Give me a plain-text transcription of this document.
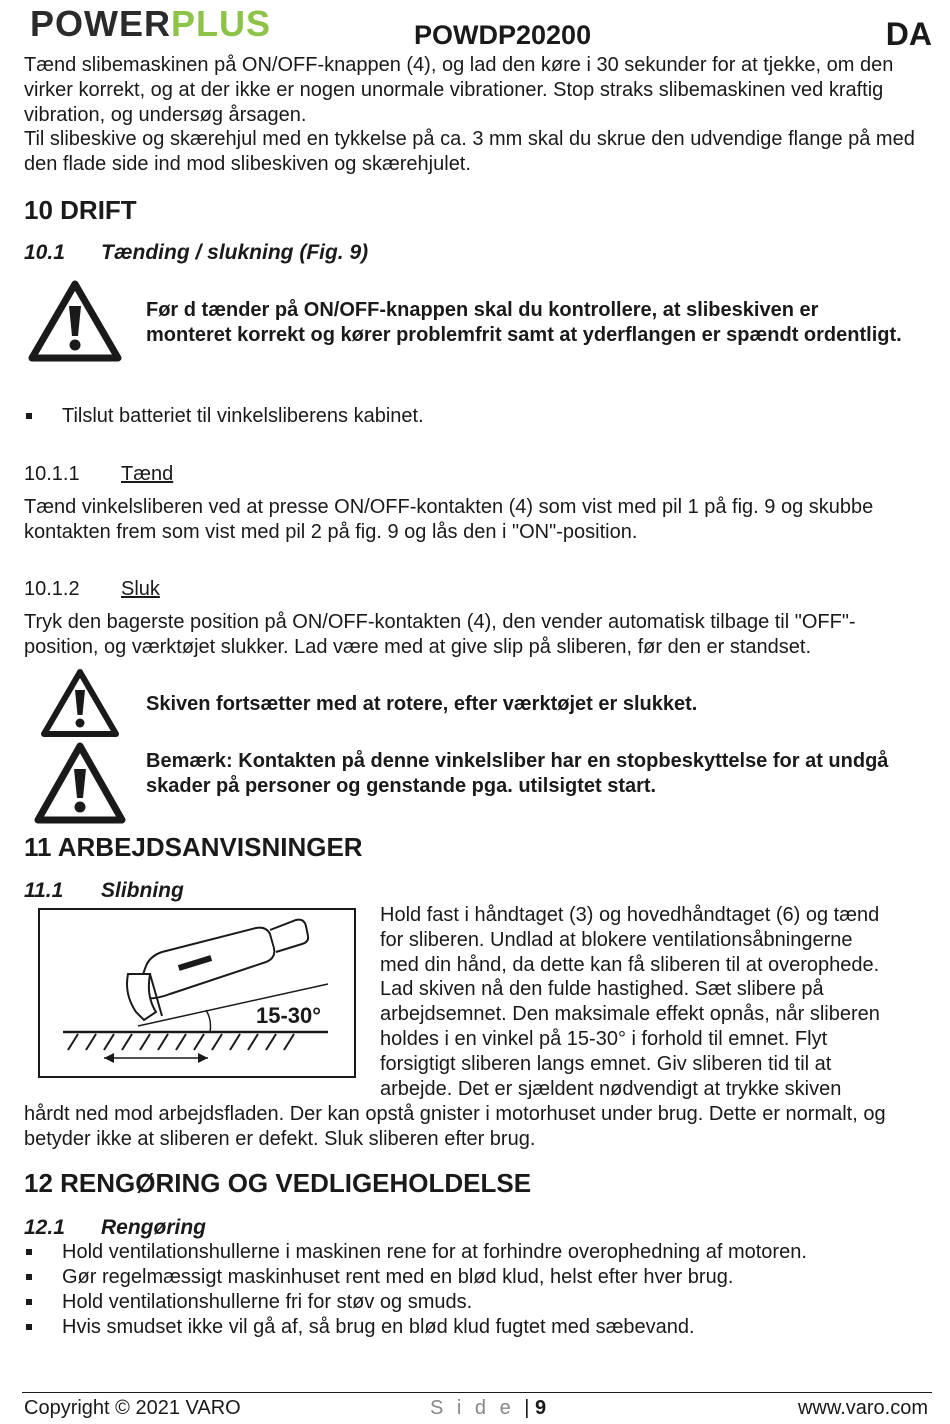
POWERPLUS	POWDP20200	DA

Tænd slibemaskinen på ON/OFF-knappen (4), og lad den køre i 30 sekunder for at tjekke, om den virker korrekt, og at der ikke er nogen unormale vibrationer. Stop straks slibemaskinen ved kraftig vibration, og undersøg årsagen.

Til slibeskive og skærehjul med en tykkelse på ca. 3 mm skal du skrue den udvendige flange på med den flade side ind mod slibeskiven og skærehjulet.

10 DRIFT
10.1 Tænding / slukning (Fig. 9)

Før d tænder på ON/OFF-knappen skal du kontrollere, at slibeskiven er monteret korrekt og kører problemfrit samt at yderflangen er spændt ordentligt.

Tilslut batteriet til vinkelsliberens kabinet.
10.1.1 Tænd

Tænd vinkelsliberen ved at presse ON/OFF-kontakten (4) som vist med pil 1 på fig. 9 og skubbe kontakten frem som vist med pil 2 på fig. 9 og lås den i "ON"-position.

10.1.2 Sluk

Tryk den bagerste position på ON/OFF-kontakten (4), den vender automatisk tilbage til "OFF"-position, og værktøjet slukker. Lad være med at give slip på sliberen, før den er standset.

Skiven fortsætter med at rotere, efter værktøjet er slukket.

Bemærk: Kontakten på denne vinkelsliber har en stopbeskyttelse for at undgå skader på personer og genstande pga. utilsigtet start.

11 ARBEJDSANVISNINGER
11.1 Slibning
15-30°
Hold fast i håndtaget (3) og hovedhåndtaget (6) og tænd
for sliberen. Undlad at blokere ventilationsåbningerne
med din hånd, da dette kan få sliberen til at overophede.
Lad skiven nå den fulde hastighed. Sæt slibere på
arbejdsemnet. Den maksimale effekt opnås, når sliberen
holdes i en vinkel på 15-30° i forhold til emnet. Flyt
forsigtigt sliberen langs emnet. Giv sliberen tid til at
arbejde. Det er sjældent nødvendigt at trykke skiven

hårdt ned mod arbejdsfladen. Der kan opstå gnister i motorhuset under brug. Dette er normalt, og betyder ikke at sliberen er defekt. Sluk sliberen efter brug.

12 RENGØRING OG VEDLIGEHOLDELSE
12.1 Rengøring
Hold ventilationshullerne i maskinen rene for at forhindre overophedning af motoren.
Gør regelmæssigt maskinhuset rent med en blød klud, helst efter hver brug.
Hold ventilationshullerne fri for støv og smuds.
Hvis smudset ikke vil gå af, så brug en blød klud fugtet med sæbevand.
Copyright © 2021 VARO	S i d e | 9	www.varo.com
